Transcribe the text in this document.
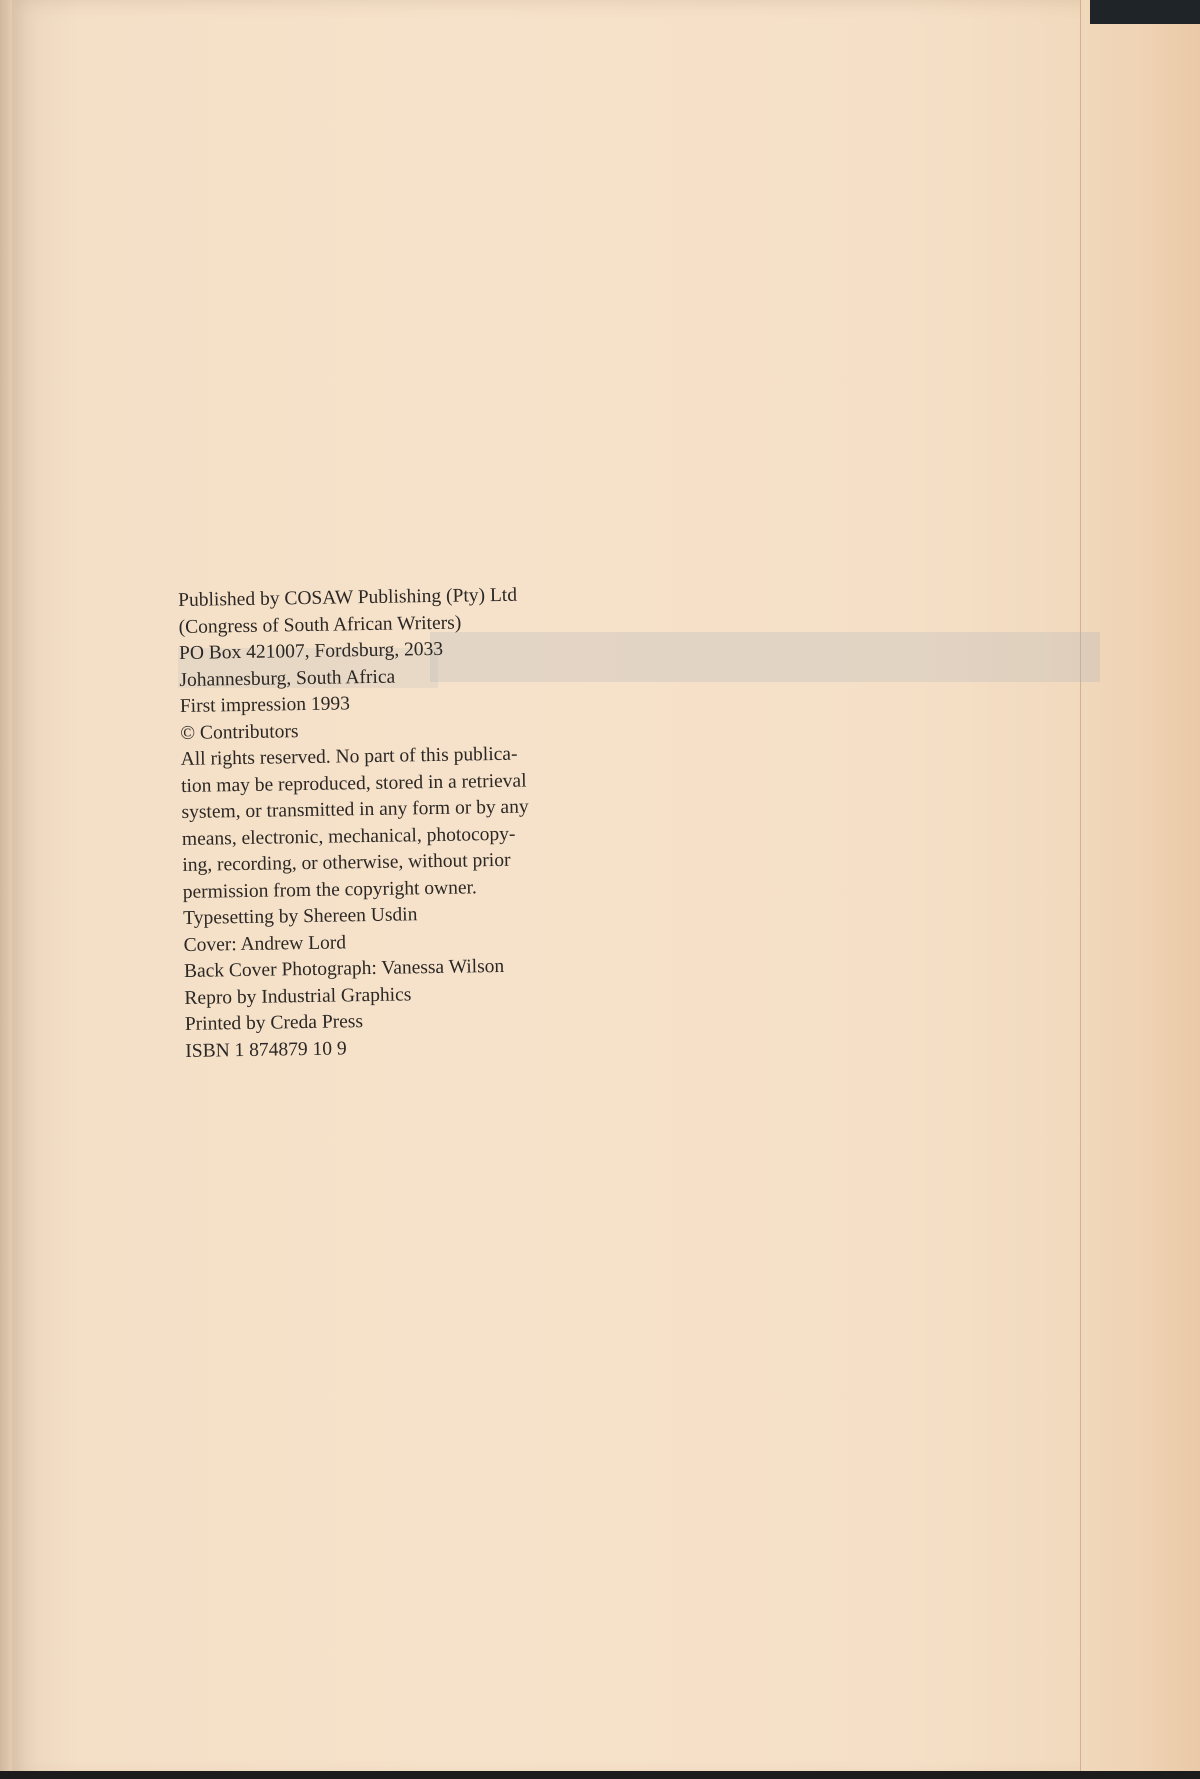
Published by COSAW Publishing (Pty) Ltd
(Congress of South African Writers)
PO Box 421007, Fordsburg, 2033
Johannesburg, South Africa

First impression 1993

© Contributors

All rights reserved. No part of this publica-
tion may be reproduced, stored in a retrieval
system, or transmitted in any form or by any
means, electronic, mechanical, photocopy-
ing, recording, or otherwise, without prior
permission from the copyright owner.

Typesetting by Shereen Usdin
Cover: Andrew Lord
Back Cover Photograph: Vanessa Wilson

Repro by Industrial Graphics
Printed by Creda Press

ISBN 1 874879 10 9
